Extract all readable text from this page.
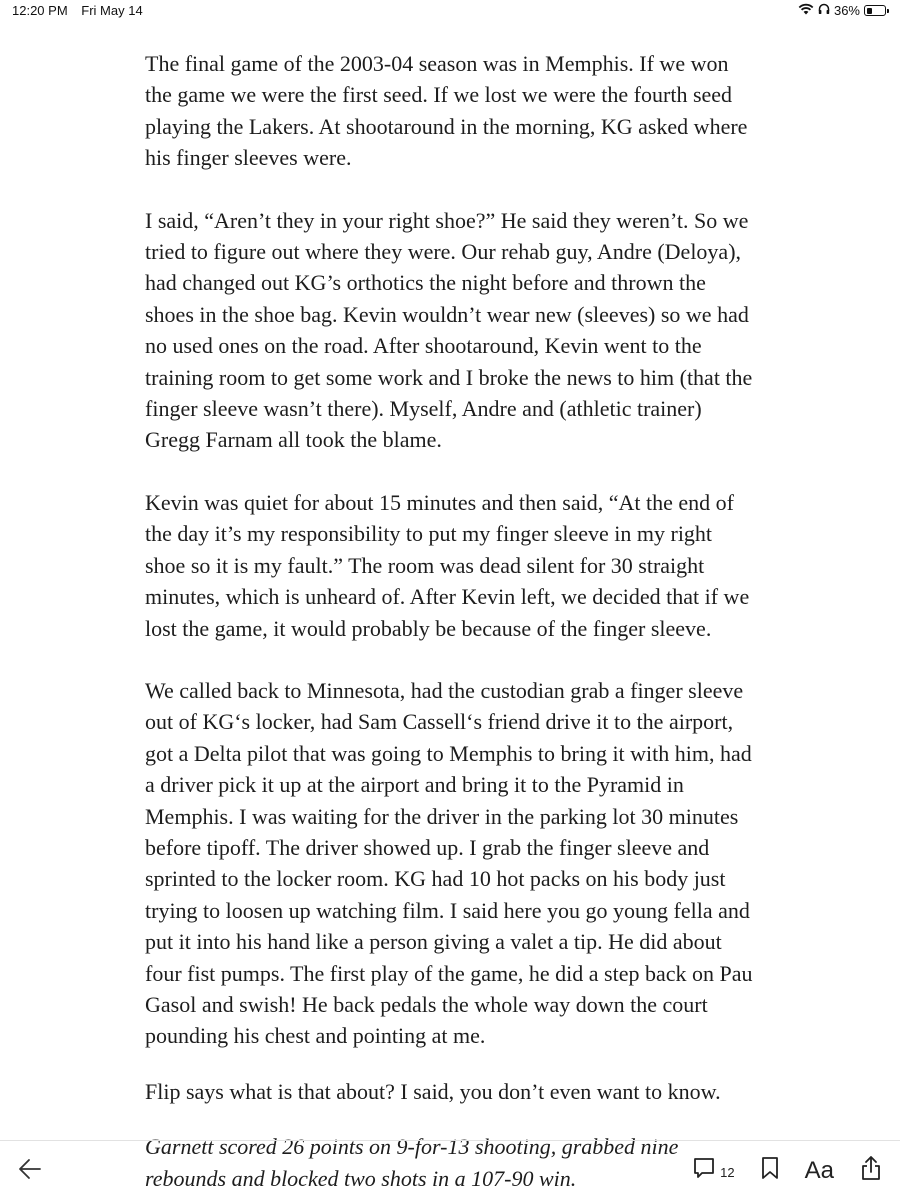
12:20 PM Fri May 14	36%

The final game of the 2003-04 season was in Memphis. If we won the game we were the first seed. If we lost we were the fourth seed playing the Lakers. At shootaround in the morning, KG asked where his finger sleeves were.

I said, “Aren’t they in your right shoe?” He said they weren’t. So we tried to figure out where they were. Our rehab guy, Andre (Deloya), had changed out KG’s orthotics the night before and thrown the shoes in the shoe bag. Kevin wouldn’t wear new (sleeves) so we had no used ones on the road. After shootaround, Kevin went to the training room to get some work and I broke the news to him (that the finger sleeve wasn’t there). Myself, Andre and (athletic trainer) Gregg Farnam all took the blame.

Kevin was quiet for about 15 minutes and then said, “At the end of the day it’s my responsibility to put my finger sleeve in my right shoe so it is my fault.” The room was dead silent for 30 straight minutes, which is unheard of. After Kevin left, we decided that if we lost the game, it would probably be because of the finger sleeve.

We called back to Minnesota, had the custodian grab a finger sleeve out of KG‘s locker, had Sam Cassell‘s friend drive it to the airport, got a Delta pilot that was going to Memphis to bring it with him, had a driver pick it up at the airport and bring it to the Pyramid in Memphis. I was waiting for the driver in the parking lot 30 minutes before tipoff. The driver showed up. I grab the finger sleeve and sprinted to the locker room. KG had 10 hot packs on his body just trying to loosen up watching film. I said here you go young fella and put it into his hand like a person giving a valet a tip. He did about four fist pumps. The first play of the game, he did a step back on Pau Gasol and swish! He back pedals the whole way down the court pounding his chest and pointing at me.

Flip says what is that about? I said, you don’t even want to know.

Garnett scored 26 points on 9-for-13 shooting, grabbed nine rebounds and blocked two shots in a 107-90 win.	12	Aa
